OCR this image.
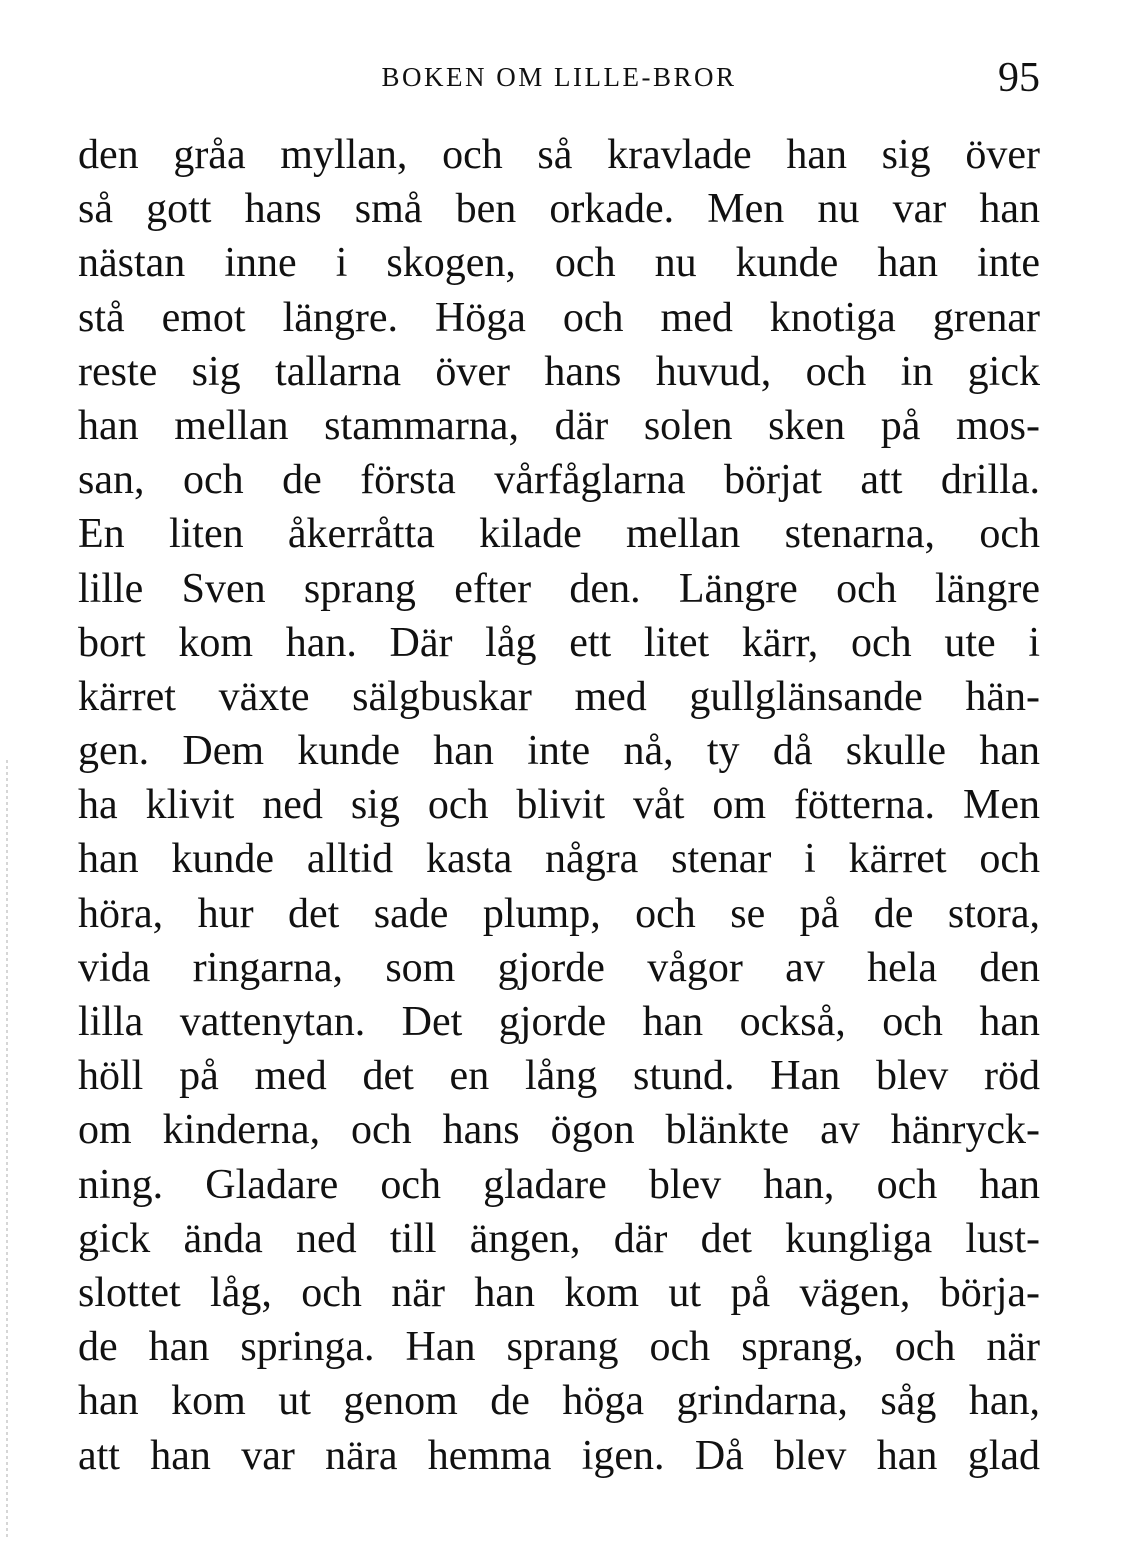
BOKEN OM LILLE-BROR	95
den gråa myllan, och så kravlade han sig över
så gott hans små ben orkade. Men nu var han
nästan inne i skogen, och nu kunde han inte
stå emot längre. Höga och med knotiga grenar
reste sig tallarna över hans huvud, och in gick
han mellan stammarna, där solen sken på mos-
san, och de första vårfåglarna börjat att drilla.
En liten åkerråtta kilade mellan stenarna, och
lille Sven sprang efter den. Längre och längre
bort kom han. Där låg ett litet kärr, och ute i
kärret växte sälgbuskar med gullglänsande hän-
gen. Dem kunde han inte nå, ty då skulle han
ha klivit ned sig och blivit våt om fötterna. Men
han kunde alltid kasta några stenar i kärret och
höra, hur det sade plump, och se på de stora,
vida ringarna, som gjorde vågor av hela den
lilla vattenytan. Det gjorde han också, och han
höll på med det en lång stund. Han blev röd
om kinderna, och hans ögon blänkte av hänryck-
ning. Gladare och gladare blev han, och han
gick ända ned till ängen, där det kungliga lust-
slottet låg, och när han kom ut på vägen, börja-
de han springa. Han sprang och sprang, och när
han kom ut genom de höga grindarna, såg han,
att han var nära hemma igen. Då blev han glad
